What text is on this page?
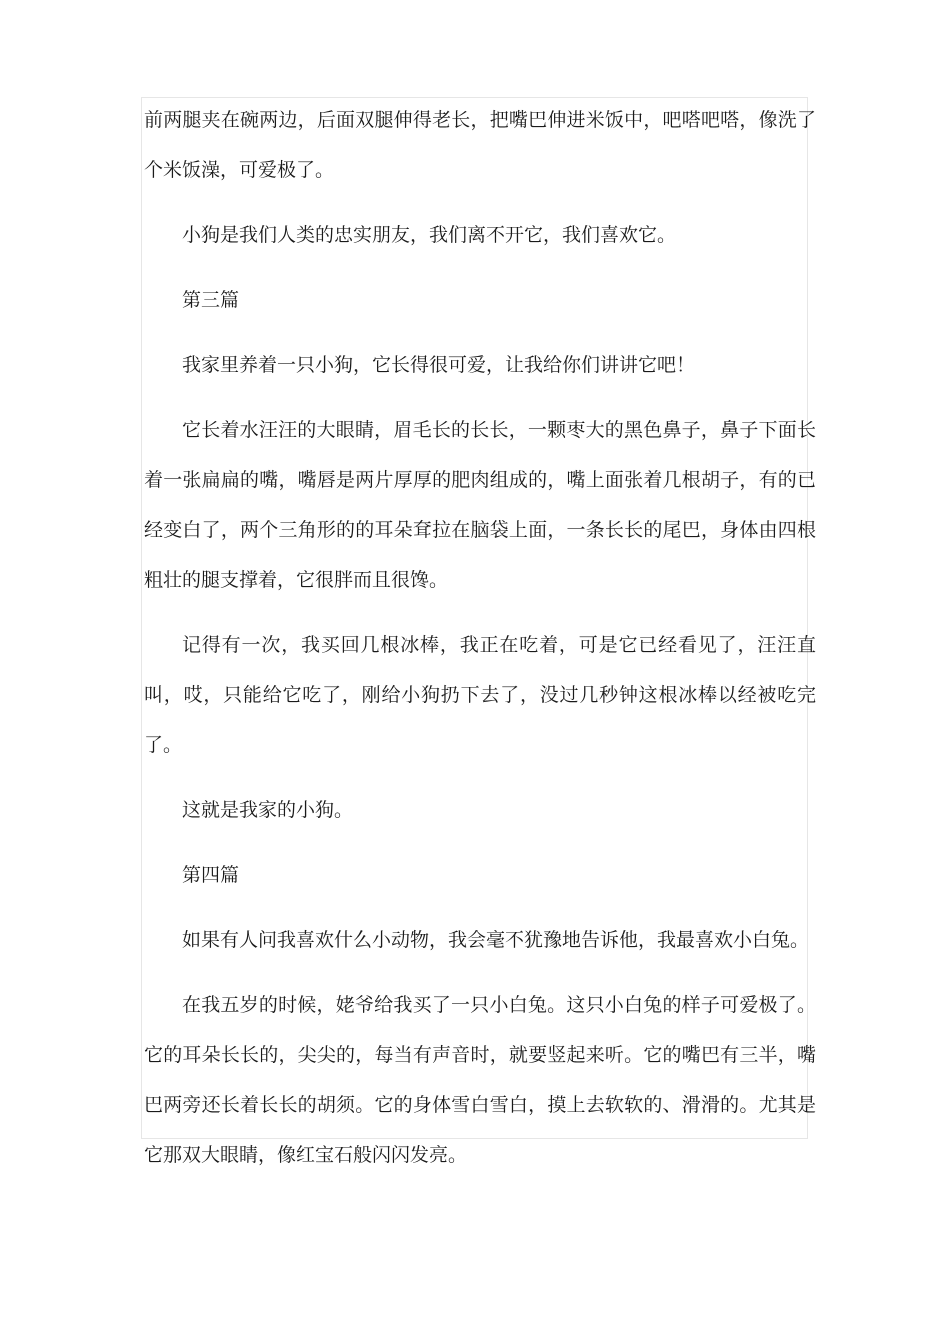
前两腿夹在碗两边，后面双腿伸得老长，把嘴巴伸进米饭中，吧嗒吧嗒，像洗了个米饭澡，可爱极了。

小狗是我们人类的忠实朋友，我们离不开它，我们喜欢它。

第三篇

我家里养着一只小狗，它长得很可爱，让我给你们讲讲它吧！

它长着水汪汪的大眼睛，眉毛长的长长，一颗枣大的黑色鼻子，鼻子下面长着一张扁扁的嘴，嘴唇是两片厚厚的肥肉组成的，嘴上面张着几根胡子，有的已经变白了，两个三角形的的耳朵耷拉在脑袋上面，一条长长的尾巴，身体由四根粗壮的腿支撑着，它很胖而且很馋。

记得有一次，我买回几根冰棒，我正在吃着，可是它已经看见了，汪汪直叫，哎，只能给它吃了，刚给小狗扔下去了，没过几秒钟这根冰棒以经被吃完了。

这就是我家的小狗。

第四篇

如果有人问我喜欢什么小动物，我会毫不犹豫地告诉他，我最喜欢小白兔。

在我五岁的时候，姥爷给我买了一只小白兔。这只小白兔的样子可爱极了。它的耳朵长长的，尖尖的，每当有声音时，就要竖起来听。它的嘴巴有三半，嘴巴两旁还长着长长的胡须。它的身体雪白雪白，摸上去软软的、滑滑的。尤其是它那双大眼睛，像红宝石般闪闪发亮。
